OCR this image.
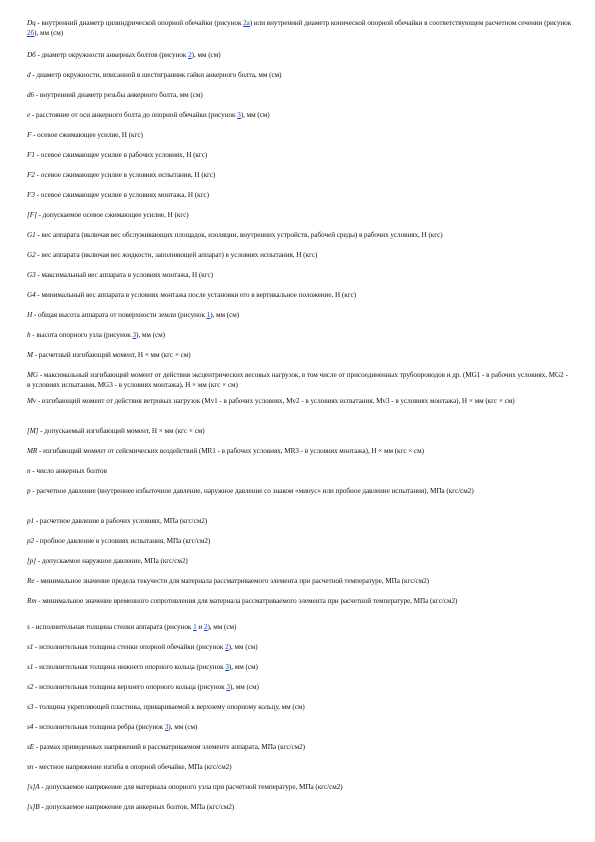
Dц - внутренний диаметр цилиндрической опорной обечайки (рисунок 2а) или внутренний диаметр конической опорной обечайки в соответствующем расчетном сечении (рисунок 2б), мм (см)
Dб - диаметр окружности анкерных болтов (рисунок 2), мм (см)
d - диаметр окружности, вписанной в шестигранник гайки анкерного болта, мм (см)
d6 - внутренний диаметр резьбы анкерного болта, мм (см)
e - расстояние от оси анкерного болта до опорной обечайки (рисунок 3), мм (см)
F - осевое сжимающее усилие, Н (кгс)
F1 - осевое сжимающее усилие в рабочих условиях, Н (кгс)
F2 - осевое сжимающее усилие в условиях испытания, Н (кгс)
F3 - осевое сжимающее усилие в условиях монтажа, Н (кгс)
[F] - допускаемое осевое сжимающее усилие, Н (кгс)
G1 - вес аппарата (включая вес обслуживающих площадок, изоляции, внутренних устройств, рабочей среды) в рабочих условиях, Н (кгс)
G2 - вес аппарата (включая вес жидкости, заполняющей аппарат) в условиях испытания, Н (кгс)
G3 - максимальный вес аппарата в условиях монтажа, Н (кгс)
G4 - минимальный вес аппарата в условиях монтажа после установки его в вертикальное положение, Н (кгс)
H - общая высота аппарата от поверхности земли (рисунок 1), мм (см)
h - высота опорного узла (рисунок 3), мм (см)
M - расчетный изгибающий момент, Н × мм (кгс × см)
MG - максимальный изгибающий момент от действия эксцентрических весовых нагрузок, в том числе от присоединенных трубопроводов и др. (MG1 - в рабочих условиях, MG2 - в условиях испытания, MG3 - в условиях монтажа), Н × мм (кгс × см)
Mv - изгибающий момент от действия ветровых нагрузок (Mv1 - в рабочих условиях, Mv2 - в условиях испытания, Mv3 - в условиях монтажа), Н × мм (кгс × см)
[M] - допускаемый изгибающий момент, Н × мм (кгс × см)
MR - изгибающий момент от сейсмических воздействий (MR1 - в рабочих условиях, MR3 - в условиях монтажа), Н × мм (кгс × см)
n - число анкерных болтов
p - расчетное давление (внутреннее избыточное давление, наружное давление со знаком «минус» или пробное давление испытания), МПа (кгс/см2)
p1 - расчетное давление в рабочих условиях, МПа (кгс/см2)
p2 - пробное давление в условиях испытания, МПа (кгс/см2)
[p] - допускаемое наружное давление, МПа (кгс/см2)
Re - минимальное значение предела текучести для материала рассматриваемого элемента при расчетной температуре, МПа (кгс/см2)
Rm - минимальное значение временного сопротивления для материала рассматриваемого элемента при расчетной температуре, МПа (кгс/см2)
s - исполнительная толщина стенки аппарата (рисунок 1 и 2), мм (см)
s1 - исполнительная толщина стенки опорной обечайки (рисунок 2), мм (см)
s1 - исполнительная толщина нижнего опорного кольца (рисунок 3), мм (см)
s2 - исполнительная толщина верхнего опорного кольца (рисунок 3), мм (см)
s3 - толщина укрепляющей пластины, привариваемой к верхнему опорному кольцу, мм (см)
s4 - исполнительная толщина ребра (рисунок 3), мм (см)
sE - размах приведенных напряжений в рассматриваемом элементе аппарата, МПа (кгс/см2)
sn - местное напряжение изгиба в опорной обечайке, МПа (кгс/см2)
[s]A - допускаемое напряжение для материала опорного узла при расчетной температуре, МПа (кгс/см2)
[s]B - допускаемое напряжение для анкерных болтов, МПа (кгс/см2)
